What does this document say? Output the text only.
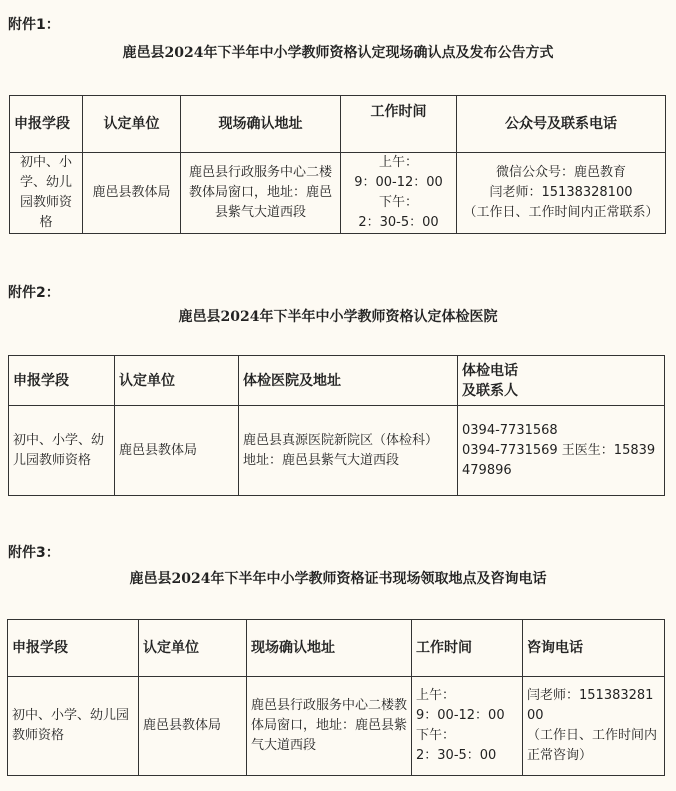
附件1：
鹿邑县2024年下半年中小学教师资格认定现场确认点及发布公告方式
申报学段	认定单位	现场确认地址	工作时间	公众号及联系电话
初中、小学、幼儿园教师资格	鹿邑县教体局	鹿邑县行政服务中心二楼教体局窗口，地址：鹿邑县紫气大道西段	上午：
9：00-12：00
下午：
2：30-5：00	微信公众号：鹿邑教育
闫老师：15138328100
（工作日、工作时间内正常联系）
附件2：
鹿邑县2024年下半年中小学教师资格认定体检医院
申报学段	认定单位	体检医院及地址	体检电话
及联系人
初中、小学、幼儿园教师资格	鹿邑县教体局	鹿邑县真源医院新院区（体检科）
地址：鹿邑县紫气大道西段	0394-7731568
0394-7731569 王医生：15839479896
附件3：
鹿邑县2024年下半年中小学教师资格证书现场领取地点及咨询电话
申报学段	认定单位	现场确认地址	工作时间	咨询电话
初中、小学、幼儿园教师资格	鹿邑县教体局	鹿邑县行政服务中心二楼教体局窗口，地址：鹿邑县紫气大道西段	上午：
9：00-12：00
下午：
2：30-5：00	闫老师：15138328100
（工作日、工作时间内正常咨询）
